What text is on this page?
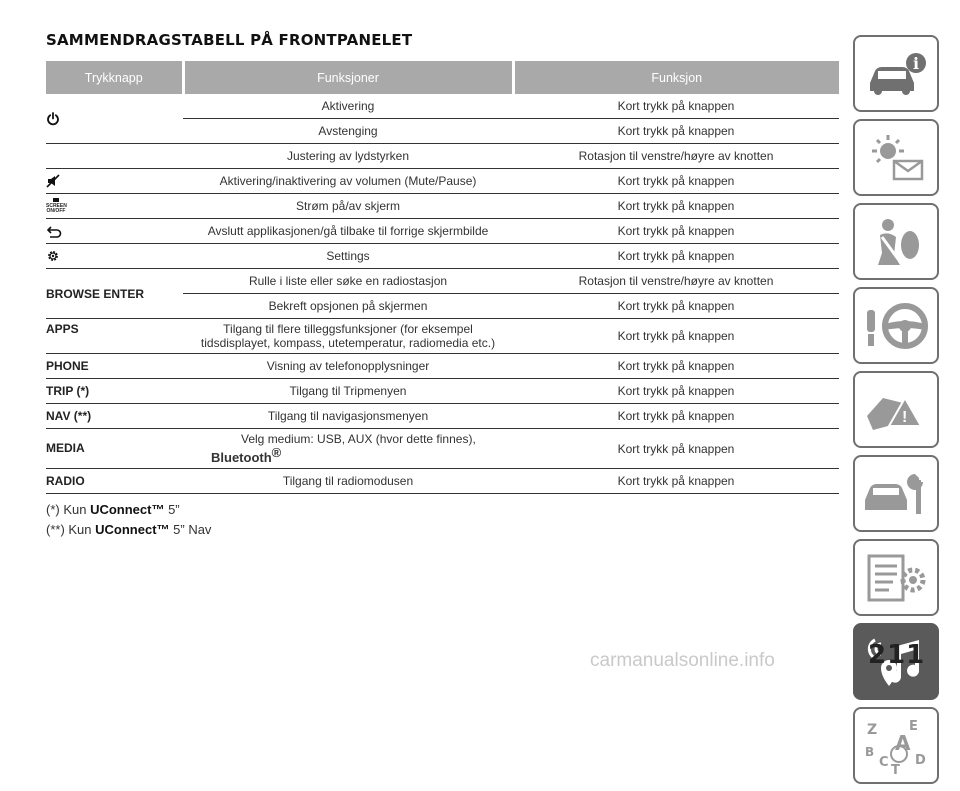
SAMMENDRAGSTABELL PÅ FRONTPANELET
Trykknapp	Funksjoner	Funksjon
	Aktivering	Kort trykk på knappen
	Avstenging	Kort trykk på knappen
	Justering av lydstyrken	Rotasjon til venstre/høyre av knotten
	Aktivering/inaktivering av volumen (Mute/Pause)	Kort trykk på knappen

SCREEN
ON/OFF	Strøm på/av skjerm	Kort trykk på knappen
	Avslutt applikasjonen/gå tilbake til forrige skjermbilde	Kort trykk på knappen
	Settings	Kort trykk på knappen
BROWSE ENTER	Rulle i liste eller søke en radiostasjon	Rotasjon til venstre/høyre av knotten
	Bekreft opsjonen på skjermen	Kort trykk på knappen
APPS	Tilgang til flere tilleggsfunksjoner (for eksempel
tidsdisplayet, kompass, utetemperatur, radiomedia etc.)	Kort trykk på knappen
PHONE	Visning av telefonopplysninger	Kort trykk på knappen
TRIP (*)	Tilgang til Tripmenyen	Kort trykk på knappen
NAV (**)	Tilgang til navigasjonsmenyen	Kort trykk på knappen
MEDIA	Velg medium: USB, AUX (hvor dette finnes),
Bluetooth®	Kort trykk på knappen
RADIO	Tilgang til radiomodusen	Kort trykk på knappen
(*) Kun UConnect™ 5”
(**) Kun UConnect™ 5” Nav
i
!
Z E
B A
C D
T
211
carmanualsonline.info
